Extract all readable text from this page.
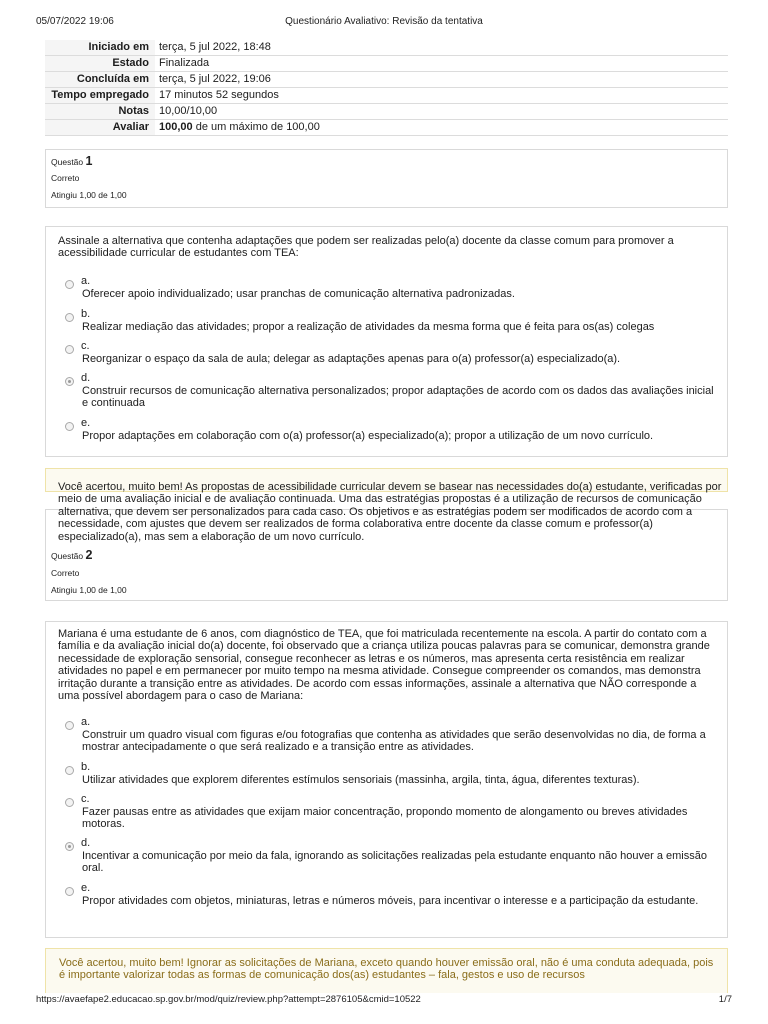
05/07/2022 19:06	Questionário Avaliativo: Revisão da tentativa
Iniciado em	terça, 5 jul 2022, 18:48
Estado	Finalizada
Concluída em	terça, 5 jul 2022, 19:06
Tempo empregado	17 minutos 52 segundos
Notas	10,00/10,00
Avaliar	100,00 de um máximo de 100,00
Questão 1
Correto
Atingiu 1,00 de 1,00
Assinale a alternativa que contenha adaptações que podem ser realizadas pelo(a) docente da classe comum para promover a acessibilidade curricular de estudantes com TEA:
a.
Oferecer apoio individualizado; usar pranchas de comunicação alternativa padronizadas.
b.
Realizar mediação das atividades; propor a realização de atividades da mesma forma que é feita para os(as) colegas
c.
Reorganizar o espaço da sala de aula; delegar as adaptações apenas para o(a) professor(a) especializado(a).
d.
Construir recursos de comunicação alternativa personalizados; propor adaptações de acordo com os dados das avaliações inicial e continuada
e.
Propor adaptações em colaboração com o(a) professor(a) especializado(a); propor a utilização de um novo currículo.
Questão 2
Correto
Atingiu 1,00 de 1,00
Você acertou, muito bem! As propostas de acessibilidade curricular devem se basear nas necessidades do(a) estudante, verificadas por meio de uma avaliação inicial e de avaliação continuada. Uma das estratégias propostas é a utilização de recursos de comunicação alternativa, que devem ser personalizados para cada caso. Os objetivos e as estratégias podem ser modificados de acordo com a necessidade, com ajustes que devem ser realizados de forma colaborativa entre docente da classe comum e professor(a) especializado(a), mas sem a elaboração de um novo currículo.
Mariana é uma estudante de 6 anos, com diagnóstico de TEA, que foi matriculada recentemente na escola. A partir do contato com a família e da avaliação inicial do(a) docente, foi observado que a criança utiliza poucas palavras para se comunicar, demonstra grande necessidade de exploração sensorial, consegue reconhecer as letras e os números, mas apresenta certa resistência em realizar atividades no papel e em permanecer por muito tempo na mesma atividade. Consegue compreender os comandos, mas demonstra irritação durante a transição entre as atividades. De acordo com essas informações, assinale a alternativa que NÃO corresponde a uma possível abordagem para o caso de Mariana:
a.
Construir um quadro visual com figuras e/ou fotografias que contenha as atividades que serão desenvolvidas no dia, de forma a mostrar antecipadamente o que será realizado e a transição entre as atividades.
b.
Utilizar atividades que explorem diferentes estímulos sensoriais (massinha, argila, tinta, água, diferentes texturas).
c.
Fazer pausas entre as atividades que exijam maior concentração, propondo momento de alongamento ou breves atividades motoras.
d.
Incentivar a comunicação por meio da fala, ignorando as solicitações realizadas pela estudante enquanto não houver a emissão oral.
e.
Propor atividades com objetos, miniaturas, letras e números móveis, para incentivar o interesse e a participação da estudante.
Você acertou, muito bem! Ignorar as solicitações de Mariana, exceto quando houver emissão oral, não é uma conduta adequada, pois é importante valorizar todas as formas de comunicação dos(as) estudantes – fala, gestos e uso de recursos
https://avaefape2.educacao.sp.gov.br/mod/quiz/review.php?attempt=2876105&cmid=10522	1/7
